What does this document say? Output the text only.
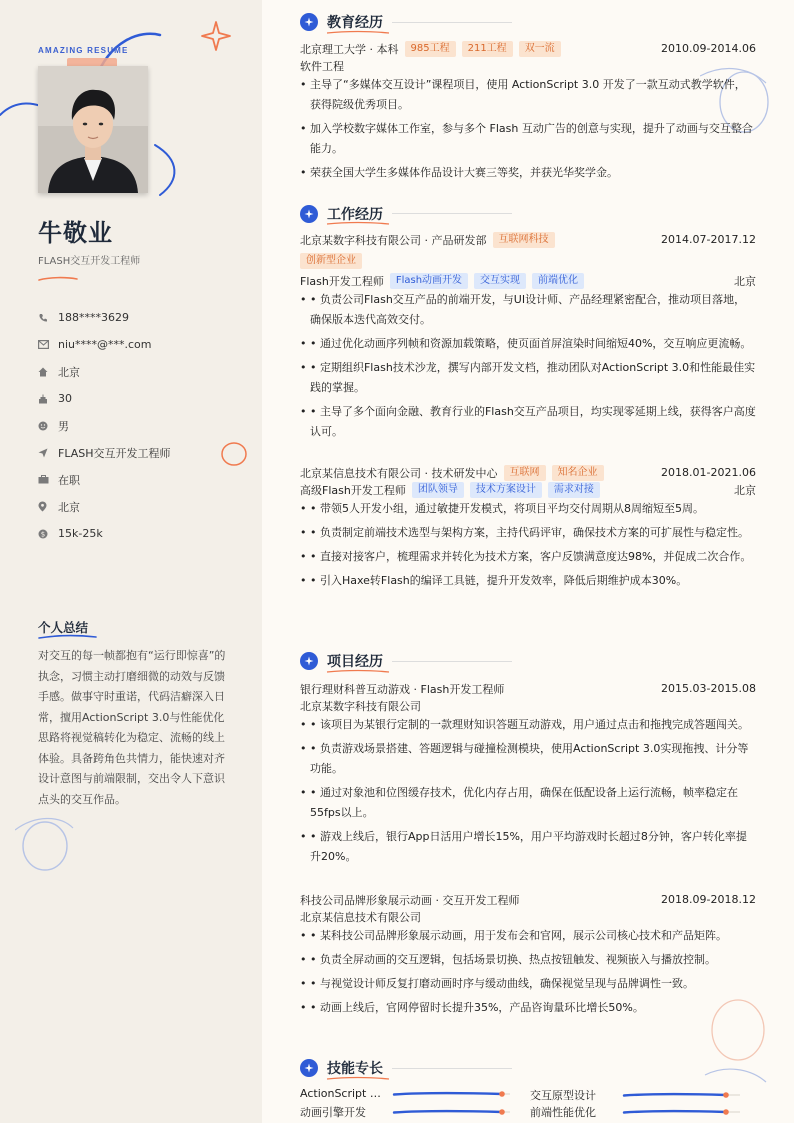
AMAZING RESUME
牛敬业
FLASH交互开发工程师
188****3629
niu****@***.com
北京
30
男
FLASH交互开发工程师
在职
北京
$ 15k-25k
个人总结
对交互的每一帧都抱有“运行即惊喜”的执念，习惯主动打磨细微的动效与反馈手感。做事守时重诺，代码洁癖深入日常，擅用ActionScript 3.0与性能优化思路将视觉稿转化为稳定、流畅的线上体验。具备跨角色共情力，能快速对齐设计意图与前端限制，交出令人下意识点头的交互作品。
教育经历
北京理工大学 · 本科	985工程	211工程	双一流	2010.09-2014.06
软件工程
• 主导了“多媒体交互设计”课程项目，使用 ActionScript 3.0 开发了一款互动式教学软件，获得院级优秀项目。
• 加入学校数字媒体工作室，参与多个 Flash 互动广告的创意与实现，提升了动画与交互整合能力。
• 荣获全国大学生多媒体作品设计大赛三等奖，并获光华奖学金。
工作经历
北京某数字科技有限公司 · 产品研发部	互联网科技	2014.07-2017.12
创新型企业
Flash开发工程师	Flash动画开发	交互实现	前端优化	北京
• • 负责公司Flash交互产品的前端开发，与UI设计师、产品经理紧密配合，推动项目落地，确保版本迭代高效交付。
• • 通过优化动画序列帧和资源加载策略，使页面首屏渲染时间缩短40%，交互响应更流畅。
• • 定期组织Flash技术沙龙，撰写内部开发文档，推动团队对ActionScript 3.0和性能最佳实践的掌握。
• • 主导了多个面向金融、教育行业的Flash交互产品项目，均实现零延期上线，获得客户高度认可。
北京某信息技术有限公司 · 技术研发中心	互联网	知名企业	2018.01-2021.06
高级Flash开发工程师	团队领导	技术方案设计	需求对接	北京
• • 带领5人开发小组，通过敏捷开发模式，将项目平均交付周期从8周缩短至5周。
• • 负责制定前端技术选型与架构方案，主持代码评审，确保技术方案的可扩展性与稳定性。
• • 直接对接客户，梳理需求并转化为技术方案，客户反馈满意度达98%，并促成二次合作。
• • 引入Haxe转Flash的编译工具链，提升开发效率，降低后期维护成本30%。
项目经历
银行理财科普互动游戏 · Flash开发工程师	2015.03-2015.08
北京某数字科技有限公司
• • 该项目为某银行定制的一款理财知识答题互动游戏，用户通过点击和拖拽完成答题闯关。
• • 负责游戏场景搭建、答题逻辑与碰撞检测模块，使用ActionScript 3.0实现拖拽、计分等功能。
• • 通过对象池和位图缓存技术，优化内存占用，确保在低配设备上运行流畅，帧率稳定在55fps以上。
• • 游戏上线后，银行App日活用户增长15%，用户平均游戏时长超过8分钟，客户转化率提升20%。
科技公司品牌形象展示动画 · 交互开发工程师	2018.09-2018.12
北京某信息技术有限公司
• • 某科技公司品牌形象展示动画，用于发布会和官网，展示公司核心技术和产品矩阵。
• • 负责全屏动画的交互逻辑，包括场景切换、热点按钮触发、视频嵌入与播放控制。
• • 与视觉设计师反复打磨动画时序与缓动曲线，确保视觉呈现与品牌调性一致。
• • 动画上线后，官网停留时长提升35%，产品咨询量环比增长50%。
技能专长
ActionScript …	交互原型设计
动画引擎开发	前端性能优化
